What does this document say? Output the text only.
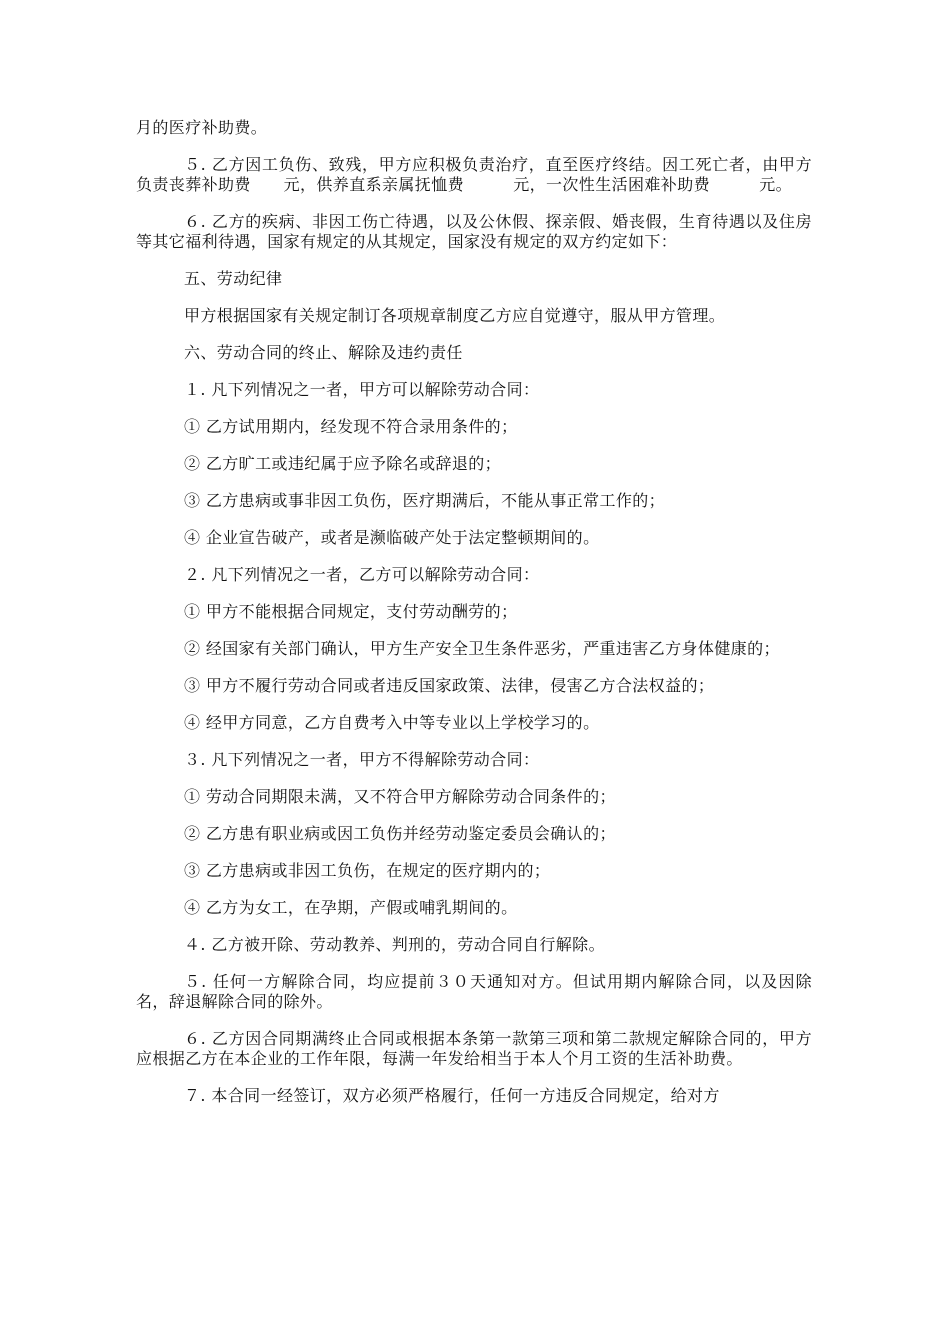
月的医疗补助费。

５. 乙方因工负伤、致残，甲方应积极负责治疗，直至医疗终结。因工死亡者，由甲方负责丧葬补助费　　元，供养直系亲属抚恤费　　　元，一次性生活困难补助费　　　元。

６. 乙方的疾病、非因工伤亡待遇，以及公休假、探亲假、婚丧假，生育待遇以及住房等其它福利待遇，国家有规定的从其规定，国家没有规定的双方约定如下：

五、劳动纪律

甲方根据国家有关规定制订各项规章制度乙方应自觉遵守，服从甲方管理。

六、劳动合同的终止、解除及违约责任

１. 凡下列情况之一者，甲方可以解除劳动合同：

① 乙方试用期内，经发现不符合录用条件的；

② 乙方旷工或违纪属于应予除名或辞退的；

③ 乙方患病或事非因工负伤，医疗期满后，不能从事正常工作的；

④ 企业宣告破产，或者是濒临破产处于法定整顿期间的。

２. 凡下列情况之一者，乙方可以解除劳动合同：

① 甲方不能根据合同规定，支付劳动酬劳的；

② 经国家有关部门确认，甲方生产安全卫生条件恶劣，严重违害乙方身体健康的；

③ 甲方不履行劳动合同或者违反国家政策、法律，侵害乙方合法权益的；

④ 经甲方同意，乙方自费考入中等专业以上学校学习的。

３. 凡下列情况之一者，甲方不得解除劳动合同：

① 劳动合同期限未满，又不符合甲方解除劳动合同条件的；

② 乙方患有职业病或因工负伤并经劳动鉴定委员会确认的；

③ 乙方患病或非因工负伤，在规定的医疗期内的；

④ 乙方为女工，在孕期，产假或哺乳期间的。

４. 乙方被开除、劳动教养、判刑的，劳动合同自行解除。

５. 任何一方解除合同，均应提前３０天通知对方。但试用期内解除合同，以及因除名，辞退解除合同的除外。

６. 乙方因合同期满终止合同或根据本条第一款第三项和第二款规定解除合同的，甲方应根据乙方在本企业的工作年限，每满一年发给相当于本人个月工资的生活补助费。

７. 本合同一经签订，双方必须严格履行，任何一方违反合同规定，给对方
